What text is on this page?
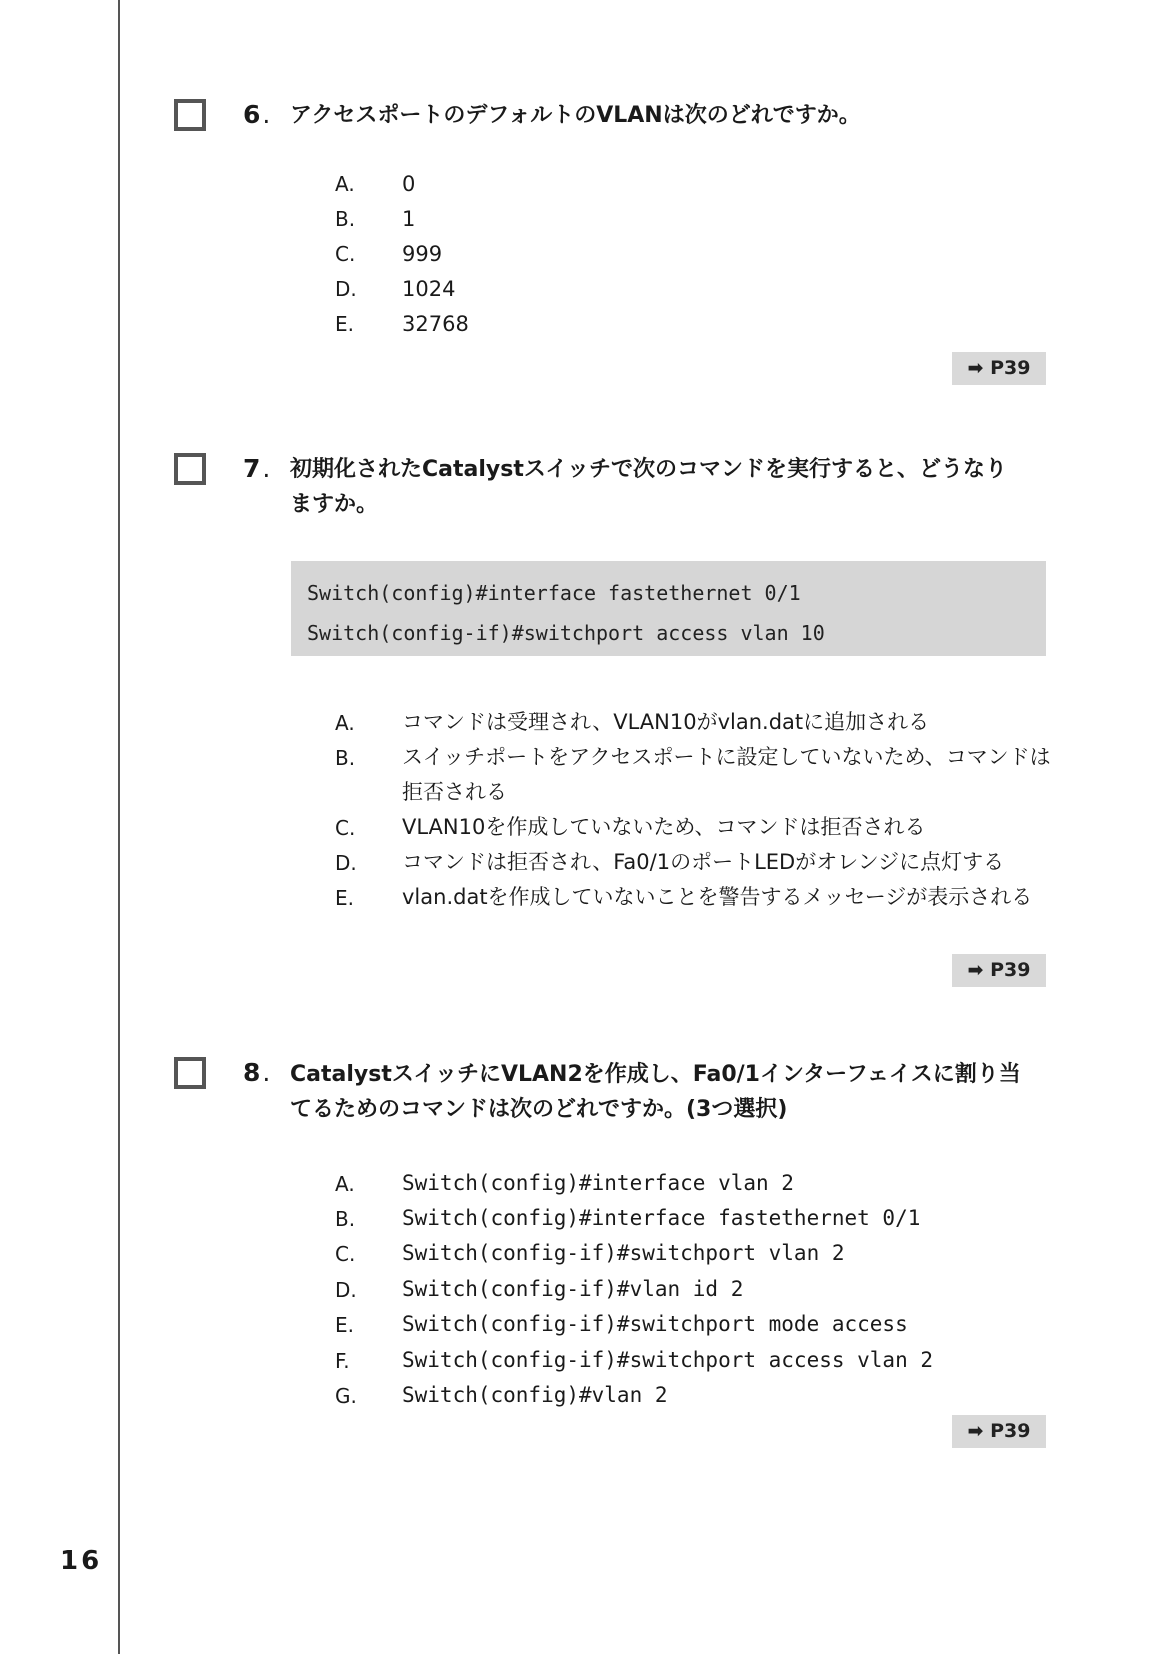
16
6. アクセスポートのデフォルトのVLANは次のどれですか。
A.	0
B.	1
C.	999
D.	1024
E.	32768
➡ P39
7. 初期化されたCatalystスイッチで次のコマンドを実行すると、どうなり
ますか。
Switch(config)#interface fastethernet 0/1
Switch(config-if)#switchport access vlan 10
A.	コマンドは受理され、VLAN10がvlan.datに追加される
B.	スイッチポートをアクセスポートに設定していないため、コマンドは拒否される
C.	VLAN10を作成していないため、コマンドは拒否される
D.	コマンドは拒否され、Fa0/1のポートLEDがオレンジに点灯する
E.	vlan.datを作成していないことを警告するメッセージが表示される
➡ P39
8. CatalystスイッチにVLAN2を作成し、Fa0/1インターフェイスに割り当
てるためのコマンドは次のどれですか。(3つ選択)
A.	Switch(config)#interface vlan 2
B.	Switch(config)#interface fastethernet 0/1
C.	Switch(config-if)#switchport vlan 2
D.	Switch(config-if)#vlan id 2
E.	Switch(config-if)#switchport mode access
F.	Switch(config-if)#switchport access vlan 2
G.	Switch(config)#vlan 2
➡ P39
